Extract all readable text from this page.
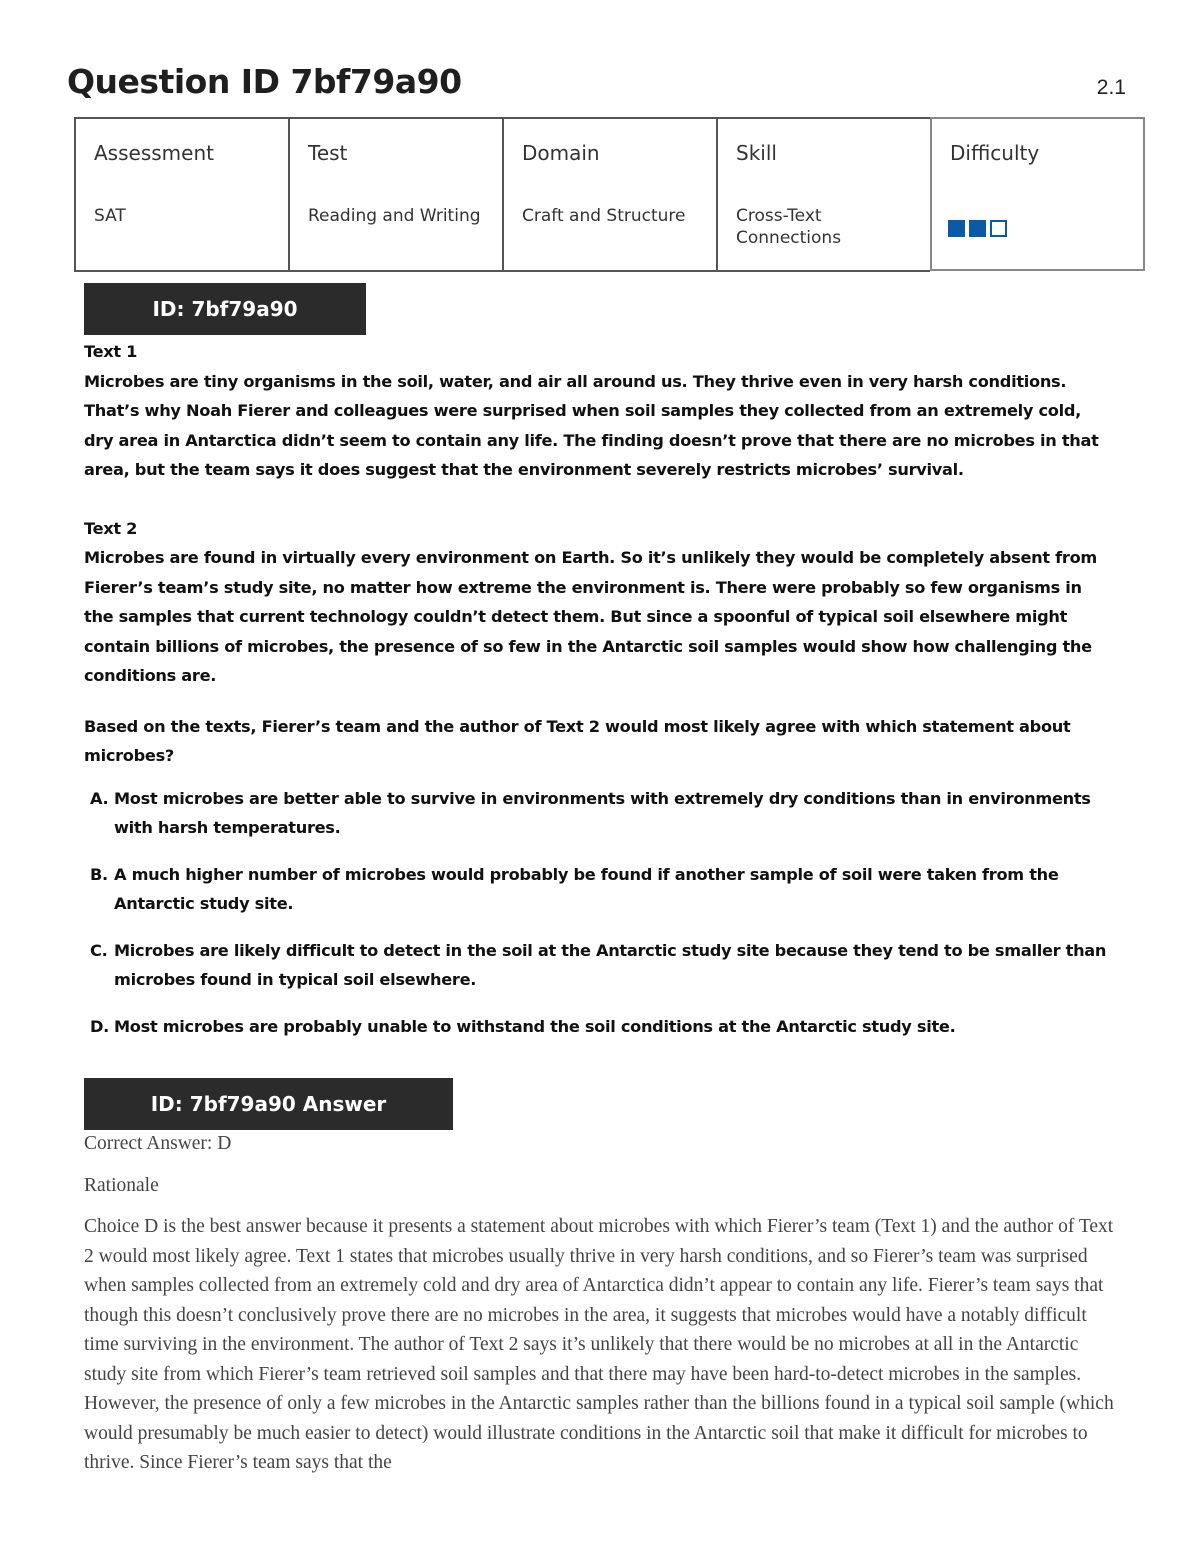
Question ID 7bf79a90	2.1
Assessment
SAT
Test
Reading and Writing
Domain
Craft and Structure
Skill
Cross-Text Connections
Difficulty
ID: 7bf79a90

Text 1

Microbes are tiny organisms in the soil, water, and air all around us. They thrive even in very harsh conditions. That’s why Noah Fierer and colleagues were surprised when soil samples they collected from an extremely cold, dry area in Antarctica didn’t seem to contain any life. The finding doesn’t prove that there are no microbes in that area, but the team says it does suggest that the environment severely restricts microbes’ survival.

Text 2

Microbes are found in virtually every environment on Earth. So it’s unlikely they would be completely absent from Fierer’s team’s study site, no matter how extreme the environment is. There were probably so few organisms in the samples that current technology couldn’t detect them. But since a spoonful of typical soil elsewhere might contain billions of microbes, the presence of so few in the Antarctic soil samples would show how challenging the conditions are.

Based on the texts, Fierer’s team and the author of Text 2 would most likely agree with which statement about microbes?

A. Most microbes are better able to survive in environments with extremely dry conditions than in environments with harsh temperatures.
B. A much higher number of microbes would probably be found if another sample of soil were taken from the Antarctic study site.
C. Microbes are likely difficult to detect in the soil at the Antarctic study site because they tend to be smaller than microbes found in typical soil elsewhere.
D. Most microbes are probably unable to withstand the soil conditions at the Antarctic study site.
ID: 7bf79a90 Answer

Correct Answer: D

Rationale

Choice D is the best answer because it presents a statement about microbes with which Fierer’s team (Text 1) and the author of Text 2 would most likely agree. Text 1 states that microbes usually thrive in very harsh conditions, and so Fierer’s team was surprised when samples collected from an extremely cold and dry area of Antarctica didn’t appear to contain any life. Fierer’s team says that though this doesn’t conclusively prove there are no microbes in the area, it suggests that microbes would have a notably difficult time surviving in the environment. The author of Text 2 says it’s unlikely that there would be no microbes at all in the Antarctic study site from which Fierer’s team retrieved soil samples and that there may have been hard-to-detect microbes in the samples. However, the presence of only a few microbes in the Antarctic samples rather than the billions found in a typical soil sample (which would presumably be much easier to detect) would illustrate conditions in the Antarctic soil that make it difficult for microbes to thrive. Since Fierer’s team says that the
